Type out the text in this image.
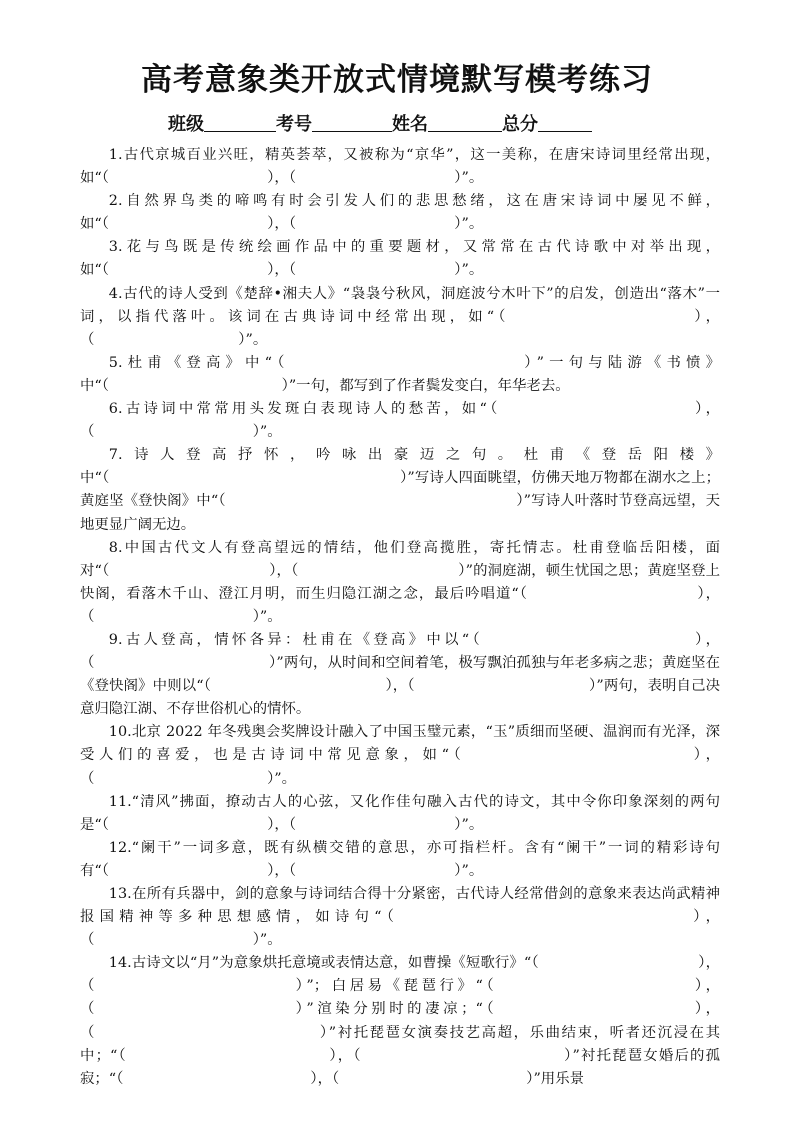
高考意象类开放式情境默写模考练习
班级	考号	姓名	总分

1.古代京城百业兴旺，精英荟萃，又被称为“京华”，这一美称，在唐宋诗词里经常出现，如“（　　　　　　　　　　　），（　　　　　　　　　　　）”。

2.自然界鸟类的啼鸣有时会引发人们的悲思愁绪，这在唐宋诗词中屡见不鲜，如“（　　　　　　　　　　　），（　　　　　　　　　　　）”。

3.花与鸟既是传统绘画作品中的重要题材，又常常在古代诗歌中对举出现，如“（　　　　　　　　　　　），（　　　　　　　　　　　）”。

4.古代的诗人受到《楚辞•湘夫人》“袅袅兮秋风，洞庭波兮木叶下”的启发，创造出“落木”一词，以指代落叶。该词在古典诗词中经常出现，如“（　　　　　　　　　　），（　　　　　　　　　　）”。

5.杜甫《登高》中“（　　　　　　　　　　　　）”一句与陆游《书愤》中“（　　　　　　　　　　　　）”一句，都写到了作者鬓发变白，年华老去。

6.古诗词中常常用头发斑白表现诗人的愁苦，如“（　　　　　　　　　　　），（　　　　　　　　　　　）”。

7.诗人登高抒怀，吟咏出豪迈之句。杜甫《登岳阳楼》中“（　　　　　　　　　　　　　　　　　　　　）”写诗人四面眺望，仿佛天地万物都在湖水之上；黄庭坚《登快阁》中“（　　　　　　　　　　　　　　　　　　　　）”写诗人叶落时节登高远望，天地更显广阔无边。

8.中国古代文人有登高望远的情结，他们登高揽胜，寄托情志。杜甫登临岳阳楼，面对“（　　　　　　　　　　　），（　　　　　　　　　　　）”的洞庭湖，顿生忧国之思；黄庭坚登上快阁，看落木千山、澄江月明，而生归隐江湖之念，最后吟唱道“（　　　　　　　　　　　），（　　　　　　　　　　　）”。

9.古人登高，情怀各异：杜甫在《登高》中以“（　　　　　　　　　　　　），（　　　　　　　　　　　　）”两句，从时间和空间着笔，极写飘泊孤独与年老多病之悲；黄庭坚在《登快阁》中则以“（　　　　　　　　　　　　），（　　　　　　　　　　　　）”两句，表明自己决意归隐江湖、不存世俗机心的情怀。

10.北京 2022 年冬残奥会奖牌设计融入了中国玉璧元素，“玉”质细而坚硬、温润而有光泽，深受人们的喜爱，也是古诗词中常见意象，如“（　　　　　　　　　　　　），（　　　　　　　　　　　　）”。

11.“清风”拂面，撩动古人的心弦，又化作佳句融入古代的诗文，其中令你印象深刻的两句是“（　　　　　　　　　　　），（　　　　　　　　　　　）”。

12.“阑干”一词多意，既有纵横交错的意思，亦可指栏杆。含有“阑干”一词的精彩诗句有“（　　　　　　　　　　　），（　　　　　　　　　　　）”。

13.在所有兵器中，剑的意象与诗词结合得十分紧密，古代诗人经常借剑的意象来表达尚武精神报国精神等多种思想感情，如诗句“（　　　　　　　　　　　　　　　），（　　　　　　　　　　　）”。

14.古诗文以“月”为意象烘托意境或表情达意，如曹操《短歌行》“（　　　　　　　　　　　），（　　　　　　　　　　　）”；白居易《琵琶行》“（　　　　　　　　　　　），（　　　　　　　　　　　）”渲染分别时的凄凉；“（　　　　　　　　　　　），（　　　　　　　　　　　　　　）”衬托琵琶女演奏技艺高超，乐曲结束，听者还沉浸在其中；“（　　　　　　　　　　　　　），（　　　　　　　　　　　　　）”衬托琵琶女婚后的孤寂；“（　　　　　　　　　　　　　），（　　　　　　　　　　　　　）”用乐景
